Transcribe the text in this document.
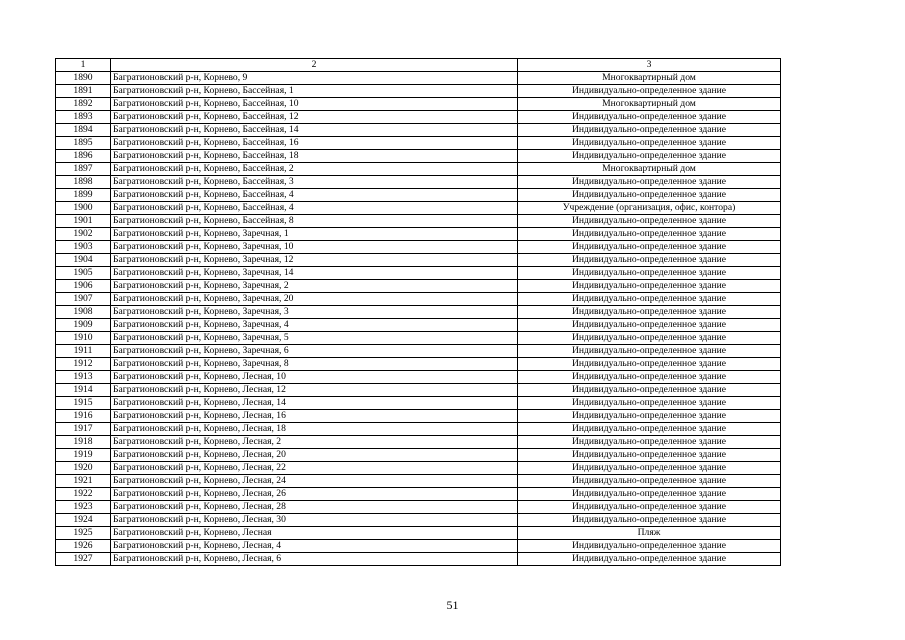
1	2	3
1890	Багратионовский р-н, Корнево, 9	Многоквартирный дом
1891	Багратионовский р-н, Корнево, Бассейная, 1	Индивидуально-определенное здание
1892	Багратионовский р-н, Корнево, Бассейная, 10	Многоквартирный дом
1893	Багратионовский р-н, Корнево, Бассейная, 12	Индивидуально-определенное здание
1894	Багратионовский р-н, Корнево, Бассейная, 14	Индивидуально-определенное здание
1895	Багратионовский р-н, Корнево, Бассейная, 16	Индивидуально-определенное здание
1896	Багратионовский р-н, Корнево, Бассейная, 18	Индивидуально-определенное здание
1897	Багратионовский р-н, Корнево, Бассейная, 2	Многоквартирный дом
1898	Багратионовский р-н, Корнево, Бассейная, 3	Индивидуально-определенное здание
1899	Багратионовский р-н, Корнево, Бассейная, 4	Индивидуально-определенное здание
1900	Багратионовский р-н, Корнево, Бассейная, 4	Учреждение (организация, офис, контора)
1901	Багратионовский р-н, Корнево, Бассейная, 8	Индивидуально-определенное здание
1902	Багратионовский р-н, Корнево, Заречная, 1	Индивидуально-определенное здание
1903	Багратионовский р-н, Корнево, Заречная, 10	Индивидуально-определенное здание
1904	Багратионовский р-н, Корнево, Заречная, 12	Индивидуально-определенное здание
1905	Багратионовский р-н, Корнево, Заречная, 14	Индивидуально-определенное здание
1906	Багратионовский р-н, Корнево, Заречная, 2	Индивидуально-определенное здание
1907	Багратионовский р-н, Корнево, Заречная, 20	Индивидуально-определенное здание
1908	Багратионовский р-н, Корнево, Заречная, 3	Индивидуально-определенное здание
1909	Багратионовский р-н, Корнево, Заречная, 4	Индивидуально-определенное здание
1910	Багратионовский р-н, Корнево, Заречная, 5	Индивидуально-определенное здание
1911	Багратионовский р-н, Корнево, Заречная, 6	Индивидуально-определенное здание
1912	Багратионовский р-н, Корнево, Заречная, 8	Индивидуально-определенное здание
1913	Багратионовский р-н, Корнево, Лесная, 10	Индивидуально-определенное здание
1914	Багратионовский р-н, Корнево, Лесная, 12	Индивидуально-определенное здание
1915	Багратионовский р-н, Корнево, Лесная, 14	Индивидуально-определенное здание
1916	Багратионовский р-н, Корнево, Лесная, 16	Индивидуально-определенное здание
1917	Багратионовский р-н, Корнево, Лесная, 18	Индивидуально-определенное здание
1918	Багратионовский р-н, Корнево, Лесная, 2	Индивидуально-определенное здание
1919	Багратионовский р-н, Корнево, Лесная, 20	Индивидуально-определенное здание
1920	Багратионовский р-н, Корнево, Лесная, 22	Индивидуально-определенное здание
1921	Багратионовский р-н, Корнево, Лесная, 24	Индивидуально-определенное здание
1922	Багратионовский р-н, Корнево, Лесная, 26	Индивидуально-определенное здание
1923	Багратионовский р-н, Корнево, Лесная, 28	Индивидуально-определенное здание
1924	Багратионовский р-н, Корнево, Лесная, 30	Индивидуально-определенное здание
1925	Багратионовский р-н, Корнево, Лесная	Пляж
1926	Багратионовский р-н, Корнево, Лесная, 4	Индивидуально-определенное здание
1927	Багратионовский р-н, Корнево, Лесная, 6	Индивидуально-определенное здание
51
